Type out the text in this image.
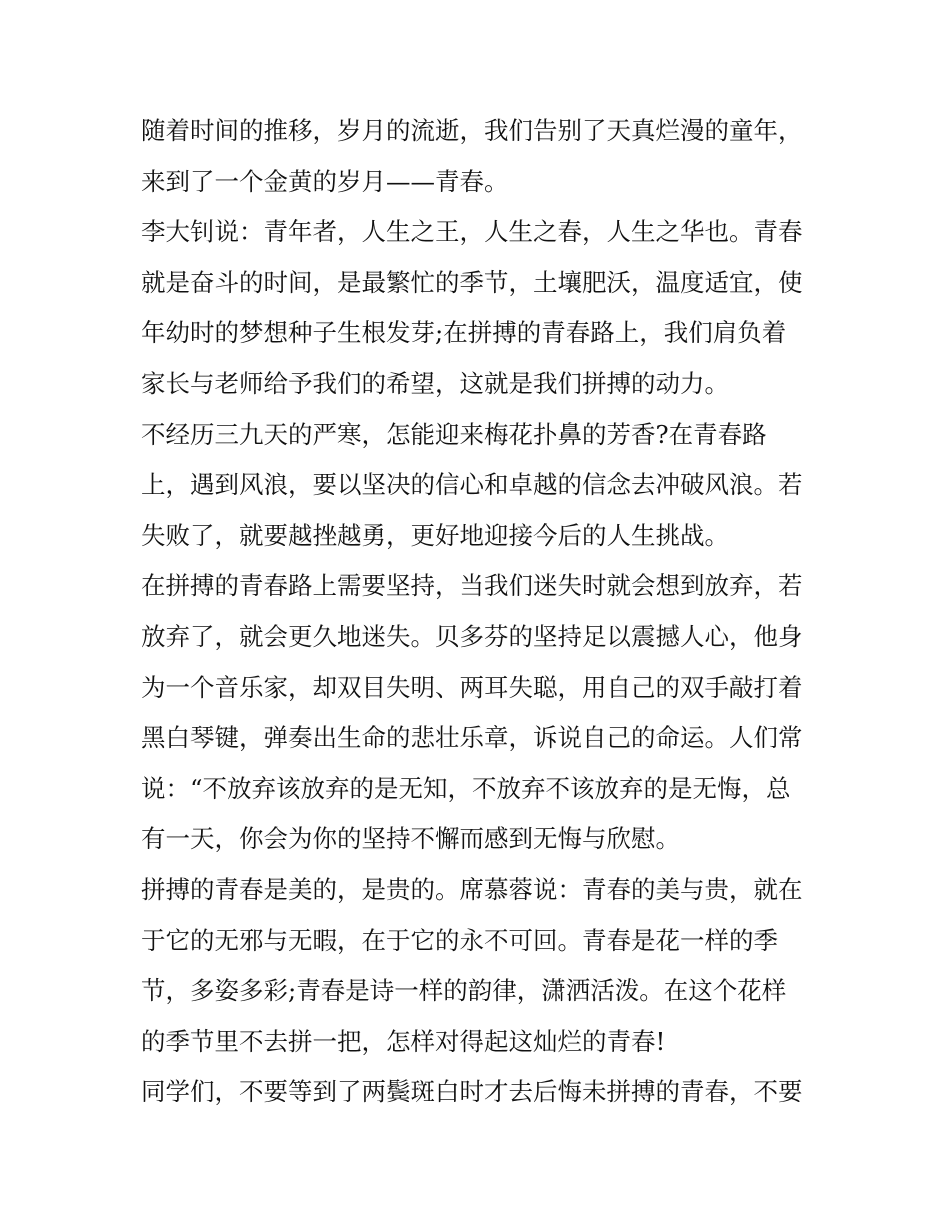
随着时间的推移，岁月的流逝，我们告别了天真烂漫的童年，
来到了一个金黄的岁月——青春。
李大钊说：青年者，人生之王，人生之春，人生之华也。青春
就是奋斗的时间，是最繁忙的季节，土壤肥沃，温度适宜，使
年幼时的梦想种子生根发芽;在拼搏的青春路上，我们肩负着
家长与老师给予我们的希望，这就是我们拼搏的动力。
不经历三九天的严寒，怎能迎来梅花扑鼻的芳香?在青春路
上，遇到风浪，要以坚决的信心和卓越的信念去冲破风浪。若
失败了，就要越挫越勇，更好地迎接今后的人生挑战。
在拼搏的青春路上需要坚持，当我们迷失时就会想到放弃，若
放弃了，就会更久地迷失。贝多芬的坚持足以震撼人心，他身
为一个音乐家，却双目失明、两耳失聪，用自己的双手敲打着
黑白琴键，弹奏出生命的悲壮乐章，诉说自己的命运。人们常
说：“不放弃该放弃的是无知，不放弃不该放弃的是无悔，总
有一天，你会为你的坚持不懈而感到无悔与欣慰。
拼搏的青春是美的，是贵的。席慕蓉说：青春的美与贵，就在
于它的无邪与无暇，在于它的永不可回。青春是花一样的季
节，多姿多彩;青春是诗一样的韵律，潇洒活泼。在这个花样
的季节里不去拼一把，怎样对得起这灿烂的青春!
同学们，不要等到了两鬓斑白时才去后悔未拼搏的青春，不要
